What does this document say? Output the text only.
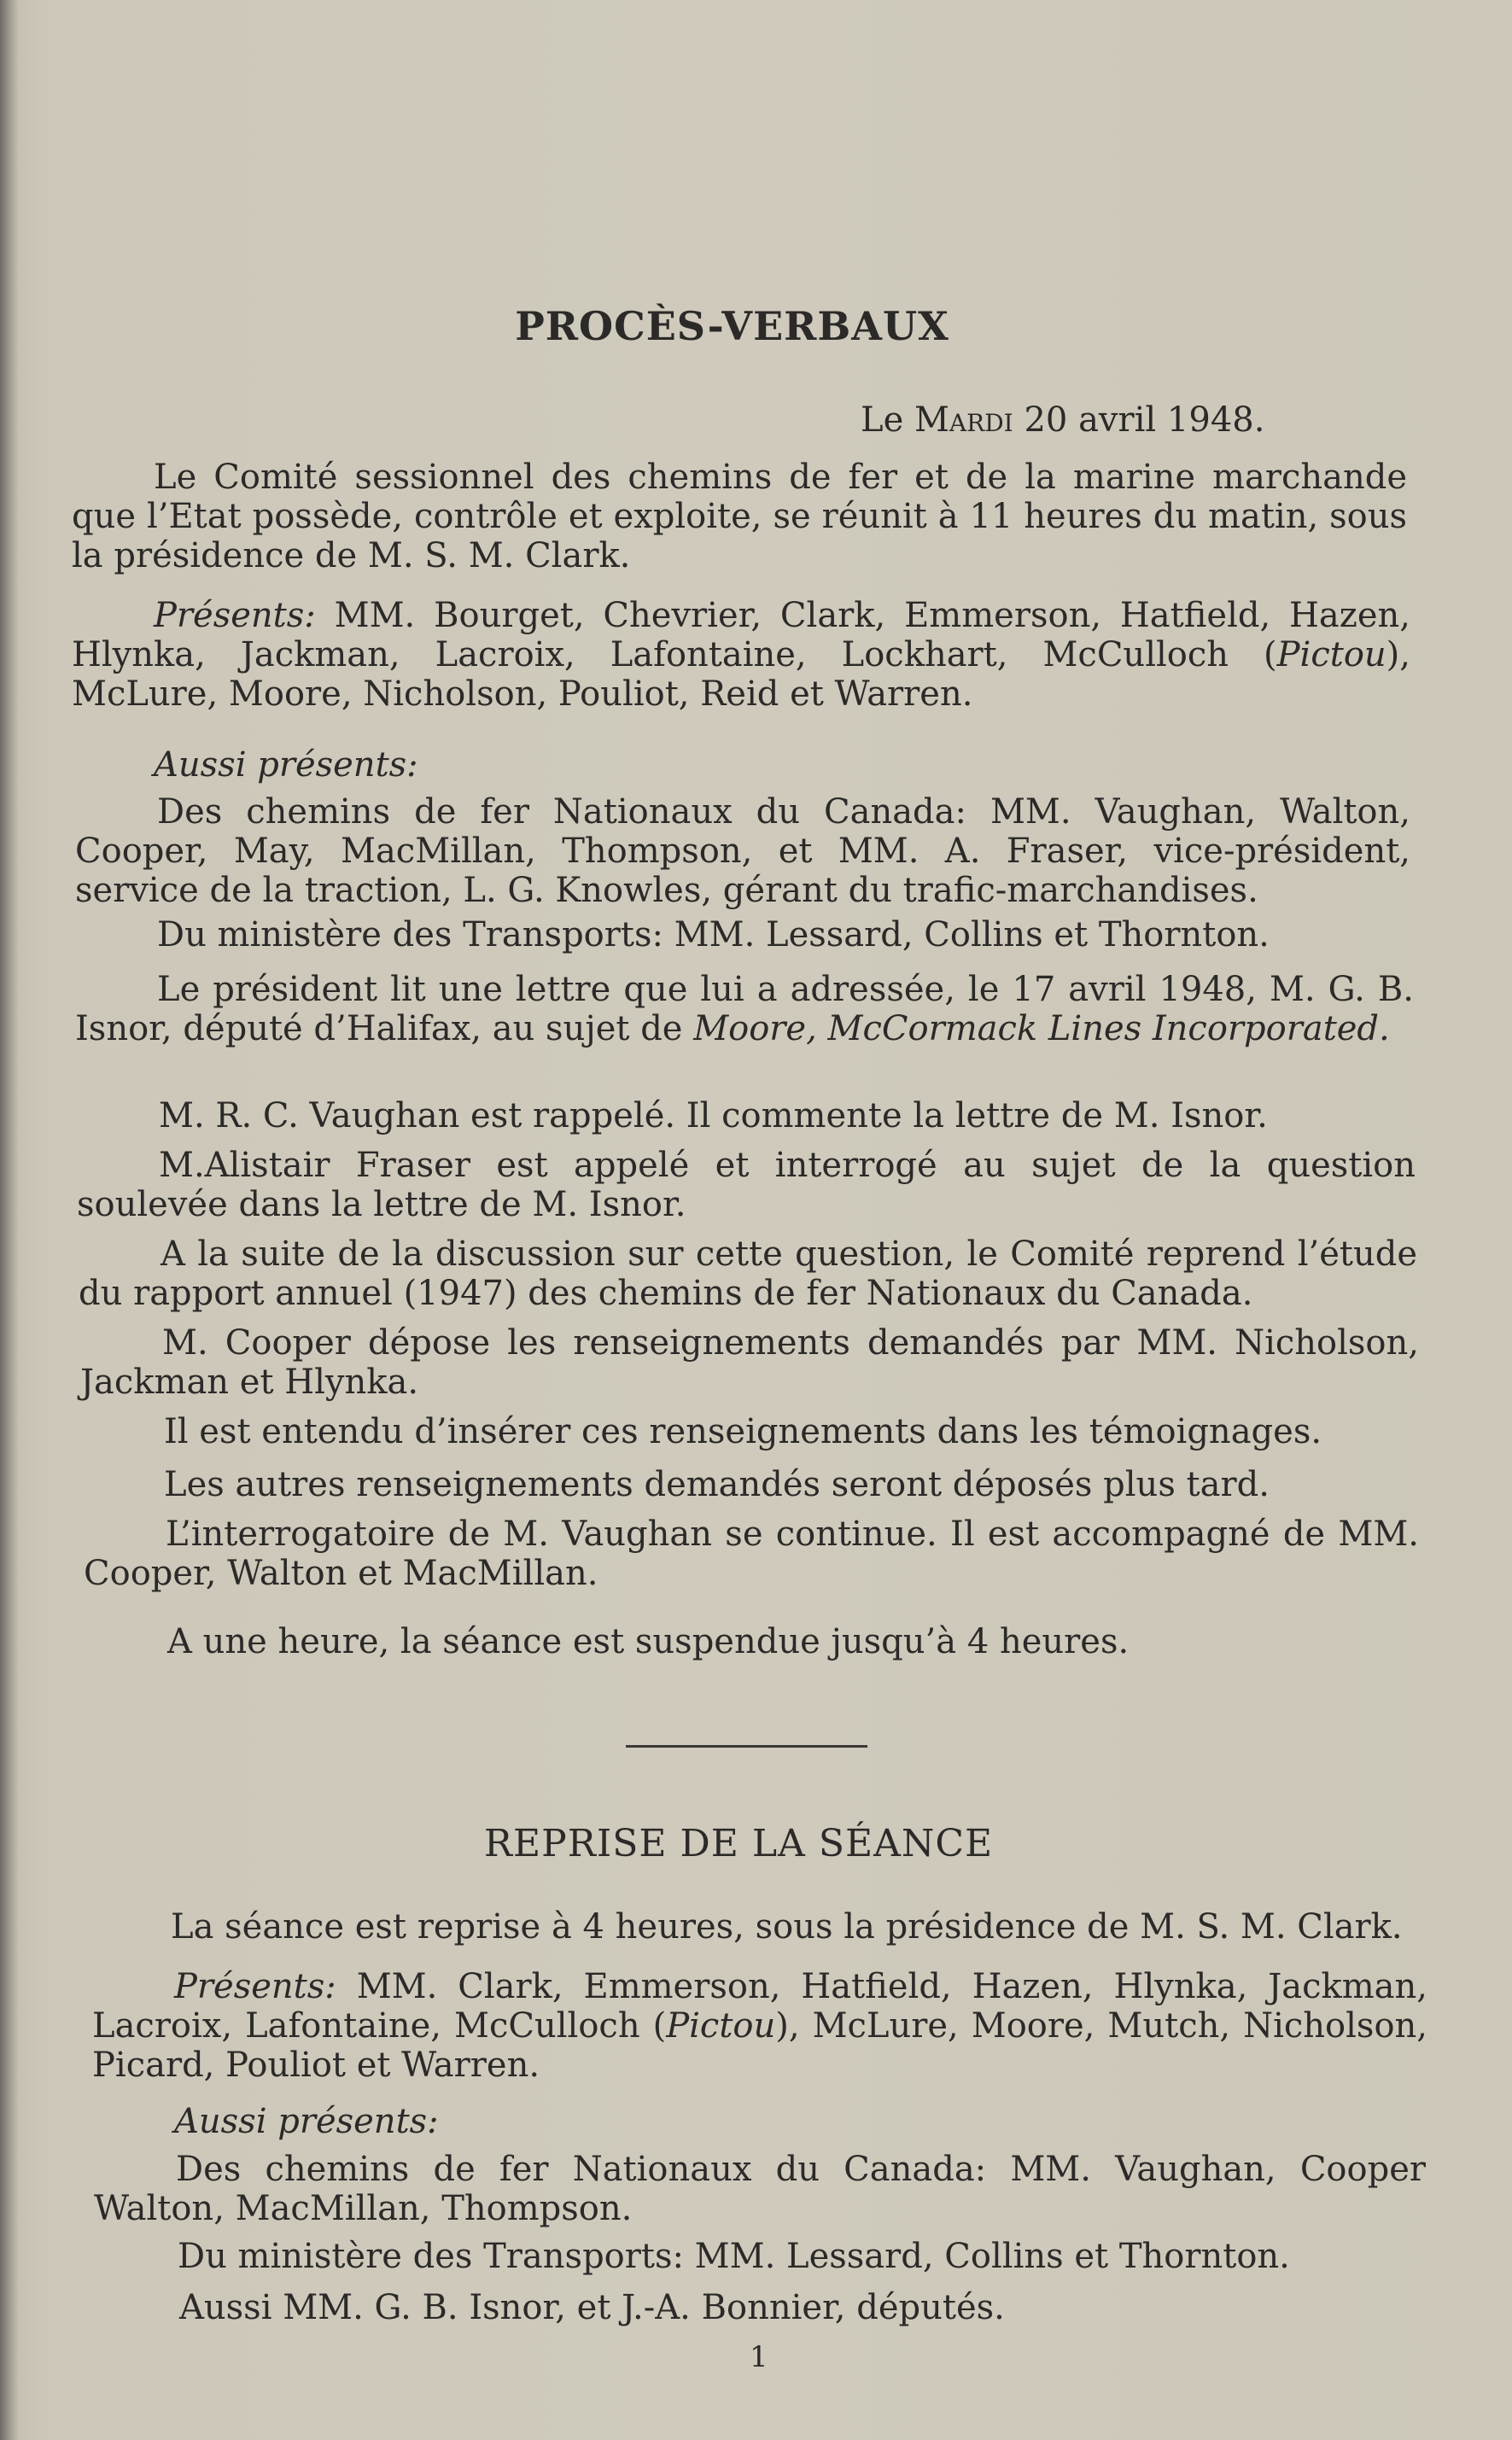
PROCÈS-VERBAUX
Le Mardi 20 avril 1948.

Le Comité sessionnel des chemins de fer et de la marine marchande que l’Etat possède, contrôle et exploite, se réunit à 11 heures du matin, sous la présidence de M. S. M. Clark.

Présents: MM. Bourget, Chevrier, Clark, Emmerson, Hatfield, Hazen, Hlynka, Jackman, Lacroix, Lafontaine, Lockhart, McCulloch (Pictou), McLure, Moore, Nicholson, Pouliot, Reid et Warren.

Aussi présents:

Des chemins de fer Nationaux du Canada: MM. Vaughan, Walton, Cooper, May, MacMillan, Thompson, et MM. A. Fraser, vice-président, service de la traction, L. G. Knowles, gérant du trafic-marchandises.

Du ministère des Transports: MM. Lessard, Collins et Thornton.

Le président lit une lettre que lui a adressée, le 17 avril 1948, M. G. B. Isnor, député d’Halifax, au sujet de Moore, McCormack Lines Incorporated.

M. R. C. Vaughan est rappelé. Il commente la lettre de M. Isnor.

M.Alistair Fraser est appelé et interrogé au sujet de la question soulevée dans la lettre de M. Isnor.

A la suite de la discussion sur cette question, le Comité reprend l’étude du rapport annuel (1947) des chemins de fer Nationaux du Canada.

M. Cooper dépose les renseignements demandés par MM. Nicholson, Jackman et Hlynka.

Il est entendu d’insérer ces renseignements dans les témoignages.

Les autres renseignements demandés seront déposés plus tard.

L’interrogatoire de M. Vaughan se continue. Il est accompagné de MM. Cooper, Walton et MacMillan.

A une heure, la séance est suspendue jusqu’à 4 heures.

REPRISE DE LA SÉANCE

La séance est reprise à 4 heures, sous la présidence de M. S. M. Clark.

Présents: MM. Clark, Emmerson, Hatfield, Hazen, Hlynka, Jackman, Lacroix, Lafontaine, McCulloch (Pictou), McLure, Moore, Mutch, Nicholson, Picard, Pouliot et Warren.

Aussi présents:

Des chemins de fer Nationaux du Canada: MM. Vaughan, Cooper Walton, MacMillan, Thompson.

Du ministère des Transports: MM. Lessard, Collins et Thornton.

Aussi MM. G. B. Isnor, et J.-A. Bonnier, députés.

1
